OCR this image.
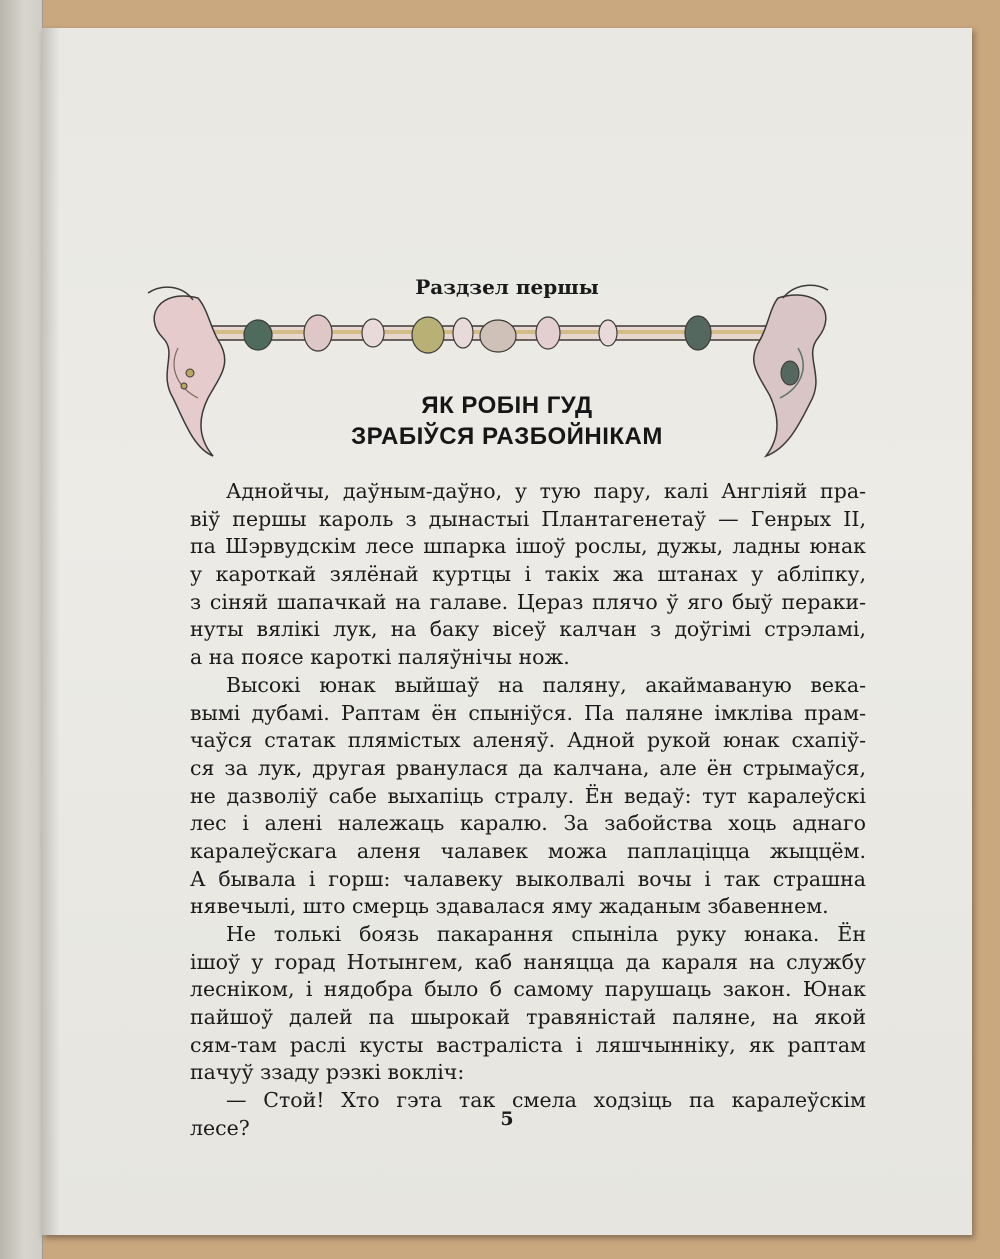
Раздзел першы
ЯК РОБІН ГУД
ЗРАБІЎСЯ РАЗБОЙНІКАМ
Аднойчы, даўным-даўно, у тую пару, калі Англіяй пра-
віў першы кароль з дынастыі Плантагенетаў — Генрых II,
па Шэрвудскім лесе шпарка ішоў рослы, дужы, ладны юнак
у кароткай зялёнай куртцы і такіх жа штанах у аблiпку,
з сіняй шапачкай на галаве. Цераз плячо ў яго быў пераки-
нуты вялікі лук, на баку вісеў калчан з доўгімі стрэламі,
а на поясе кароткі паляўнічы нож.
Высокі юнак выйшаў на паляну, акаймаваную векa-
вымі дубамі. Раптам ён спыніўся. Па паляне імклiва прам-
чаўся статак плямiстых аленяў. Адной рукой юнак схапіў-
ся за лук, другая рванулася да калчана, але ён стрымаўся,
не дазволіў сабе выхапіць стралу. Ён ведаў: тут каралеўскі
лес і алені належаць каралю. За забойства хоць аднаго
каралеўскага аленя чалавек можа паплаціцца жыццём.
А бывала і горш: чалавеку выколвалі вочы і так страшна
нявечылі, што смерць здавалася яму жаданым збавеннем.
Не толькі боязь пакарання спыніла руку юнака. Ён
ішоў у горад Нотынгем, каб наняцца да караля на службу
леснiком, і нядобра было б самому парушаць закон. Юнак
пайшоў далей па шырокай травяністай паляне, на якой
сям-там раслі кусты вастраліста і ляшчынніку, як раптам
пачуў ззаду рэзкі воклiч:
— Стой! Хто гэта так смела ходзіць па каралеўскім
лесе?	5
